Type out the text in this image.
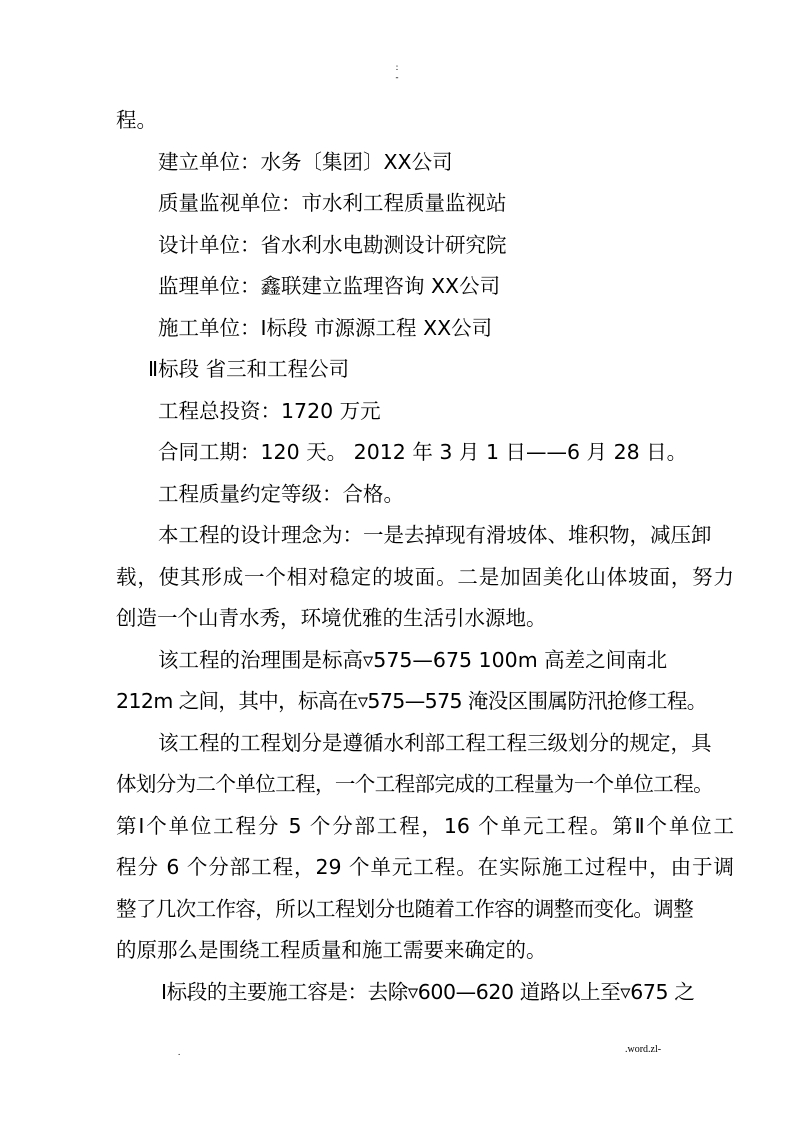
:
-
程。
建立单位：水务〔集团〕XX公司
质量监视单位：市水利工程质量监视站
设计单位：省水利水电勘测设计研究院
监理单位：鑫联建立监理咨询 XX公司
施工单位：Ⅰ标段 市源源工程 XX公司
Ⅱ标段 省三和工程公司
工程总投资：1720 万元
合同工期：120 天。 2012 年 3 月 1 日——6 月 28 日。
工程质量约定等级：合格。
本工程的设计理念为：一是去掉现有滑坡体、堆积物，减压卸
载，使其形成一个相对稳定的坡面。二是加固美化山体坡面，努力
创造一个山青水秀，环境优雅的生活引水源地。
该工程的治理围是标高▿575—675 100m 高差之间南北
212m 之间，其中，标高在▿575—575 淹没区围属防汛抢修工程。
该工程的工程划分是遵循水利部工程工程三级划分的规定，具
体划分为二个单位工程，一个工程部完成的工程量为一个单位工程。
第Ⅰ个单位工程分 5 个分部工程，16 个单元工程。第Ⅱ个单位工
程分 6 个分部工程，29 个单元工程。在实际施工过程中，由于调
整了几次工作容，所以工程划分也随着工作容的调整而变化。调整
的原那么是围绕工程质量和施工需要来确定的。
Ⅰ标段的主要施工容是：去除▿600—620 道路以上至▿675 之
.	.word.zl-
